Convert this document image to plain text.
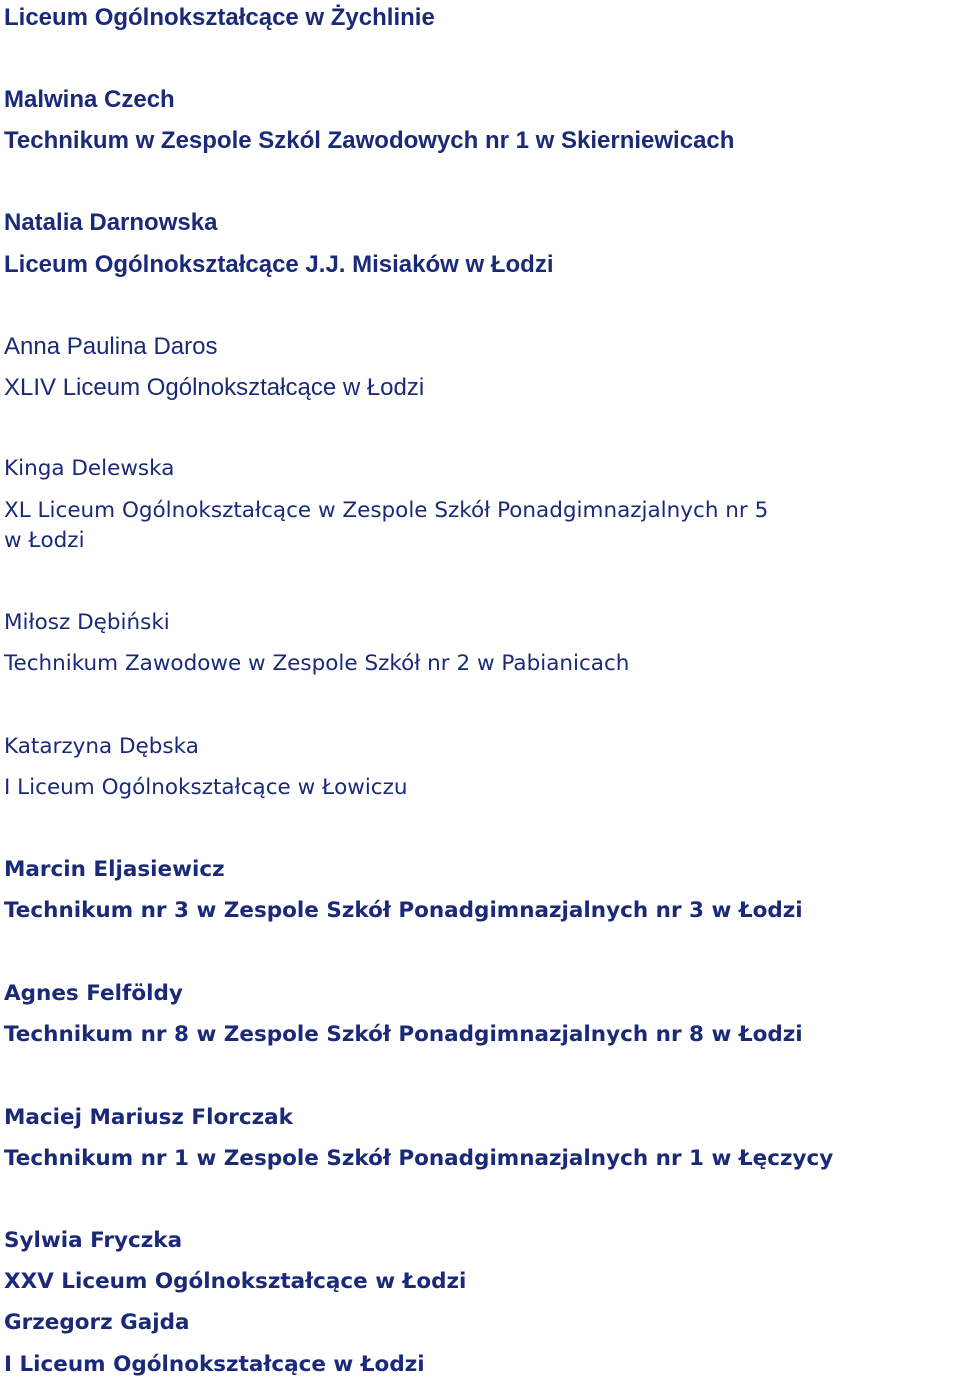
Liceum Ogólnokształcące w Żychlinie

Malwina Czech

Technikum w Zespole Szkól Zawodowych nr 1 w Skierniewicach

Natalia Darnowska

Liceum Ogólnokształcące J.J. Misiaków w Łodzi

Anna Paulina Daros

XLIV Liceum Ogólnokształcące w Łodzi

Kinga Delewska

XL Liceum Ogólnokształcące w Zespole Szkół Ponadgimnazjalnych nr 5

w Łodzi

Miłosz Dębiński

Technikum Zawodowe w Zespole Szkół nr 2 w Pabianicach

Katarzyna Dębska

I Liceum Ogólnokształcące w Łowiczu

Marcin Eljasiewicz

Technikum nr 3 w Zespole Szkół Ponadgimnazjalnych nr 3 w Łodzi

Agnes Felföldy

Technikum nr 8 w Zespole Szkół Ponadgimnazjalnych nr 8 w Łodzi

Maciej Mariusz Florczak

Technikum nr 1 w Zespole Szkół Ponadgimnazjalnych nr 1 w Łęczycy

Sylwia Fryczka

XXV Liceum Ogólnokształcące w Łodzi

Grzegorz Gajda

I Liceum Ogólnokształcące w Łodzi
